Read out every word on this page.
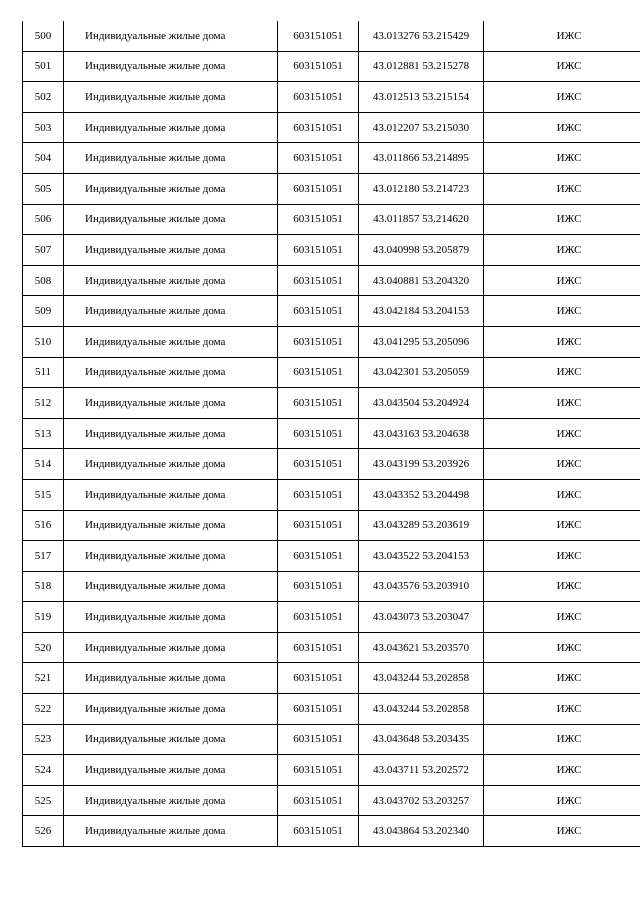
500	Индивидуальные жилые дома	603151051	43.013276 53.215429	ИЖС
501	Индивидуальные жилые дома	603151051	43.012881 53.215278	ИЖС
502	Индивидуальные жилые дома	603151051	43.012513 53.215154	ИЖС
503	Индивидуальные жилые дома	603151051	43.012207 53.215030	ИЖС
504	Индивидуальные жилые дома	603151051	43.011866 53.214895	ИЖС
505	Индивидуальные жилые дома	603151051	43.012180 53.214723	ИЖС
506	Индивидуальные жилые дома	603151051	43.011857 53.214620	ИЖС
507	Индивидуальные жилые дома	603151051	43.040998 53.205879	ИЖС
508	Индивидуальные жилые дома	603151051	43.040881 53.204320	ИЖС
509	Индивидуальные жилые дома	603151051	43.042184 53.204153	ИЖС
510	Индивидуальные жилые дома	603151051	43.041295 53.205096	ИЖС
511	Индивидуальные жилые дома	603151051	43.042301 53.205059	ИЖС
512	Индивидуальные жилые дома	603151051	43.043504 53.204924	ИЖС
513	Индивидуальные жилые дома	603151051	43.043163 53.204638	ИЖС
514	Индивидуальные жилые дома	603151051	43.043199 53.203926	ИЖС
515	Индивидуальные жилые дома	603151051	43.043352 53.204498	ИЖС
516	Индивидуальные жилые дома	603151051	43.043289 53.203619	ИЖС
517	Индивидуальные жилые дома	603151051	43.043522 53.204153	ИЖС
518	Индивидуальные жилые дома	603151051	43.043576 53.203910	ИЖС
519	Индивидуальные жилые дома	603151051	43.043073 53.203047	ИЖС
520	Индивидуальные жилые дома	603151051	43.043621 53.203570	ИЖС
521	Индивидуальные жилые дома	603151051	43.043244 53.202858	ИЖС
522	Индивидуальные жилые дома	603151051	43.043244 53.202858	ИЖС
523	Индивидуальные жилые дома	603151051	43.043648 53.203435	ИЖС
524	Индивидуальные жилые дома	603151051	43.043711 53.202572	ИЖС
525	Индивидуальные жилые дома	603151051	43.043702 53.203257	ИЖС
526	Индивидуальные жилые дома	603151051	43.043864 53.202340	ИЖС
